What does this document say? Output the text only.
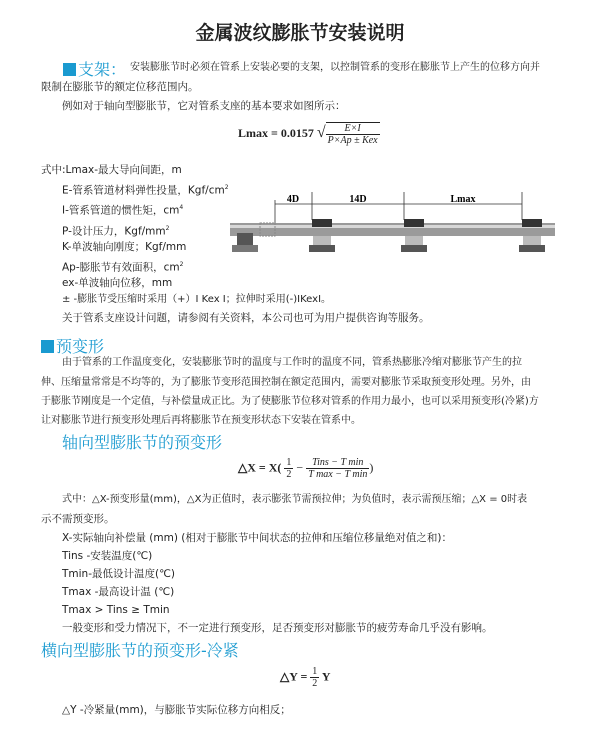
金属波纹膨胀节安装说明
支架： 安装膨胀节时必须在管系上安装必要的支架，以控制管系的变形在膨胀节上产生的位移方向并
限制在膨胀节的额定位移范围内。
例如对于轴向型膨胀节，它对管系支座的基本要求如图所示：
Lmax = 0.0157 √ $\frac{E\times I}{\text{P×Ap ± Kex}}$
式中:Lmax-最大导向间距，m
E-管系管道材料弹性投量，Kgf/$cm^2$
I-管系管道的惯性矩，$cm^4$
P-设计压力，Kgf/$mm^2$
K-单波轴向刚度；Kgf/mm
Ap-膨胀节有效面积，$cm^2$
ex-单波轴向位移，mm
± -膨胀节受压缩时采用（+）I Kex I；拉伸时采用(-)IKexI。
关于管系支座设计问题，请参阅有关资料，本公司也可为用户提供咨询等服务。
4D	14D	Lmax
预变形
由于管系的工作温度变化，安装膨胀节时的温度与工作时的温度不同，管系热膨胀冷缩对膨胀节产生的拉
伸、压缩量常常是不均等的，为了膨胀节变形范围控制在额定范围内，需要对膨胀节采取预变形处理。另外，由
于膨胀节刚度是一个定值，与补偿量成正比。为了使膨胀节位移对管系的作用力最小，也可以采用预变形(冷紧)方
让对膨胀节进行预变形处理后再将膨胀节在预变形状态下安装在管系中。
轴向型膨胀节的预变形
△X = $X( \frac{1}{2} - \frac{\text{Tins − T min}}{\text{T max − T min}}$ )
式中：△X-预变形量(mm)，△X为正值时，表示膨张节需预拉伸；为负值时，表示需预压缩；△X = 0时表
示不需预变形。
X-实际轴向补偿量 (mm) (相对于膨胀节中间状态的拉伸和压缩位移量绝对值之和)：
Tins -安装温度(℃)
Tmin-最低设计温度(℃)
Tmax -最高设计温 (℃)
Tmax > Tins ≥ Tmin
一般变形和受力情况下，不一定进行预变形，足否预变形对膨胀节的疲劳寿命几乎没有影响。
横向型膨胀节的预变形-冷紧
△Y = $\frac{1}{2}$ Y
△Y -冷紧量(mm)，与膨胀节实际位移方向相反；
